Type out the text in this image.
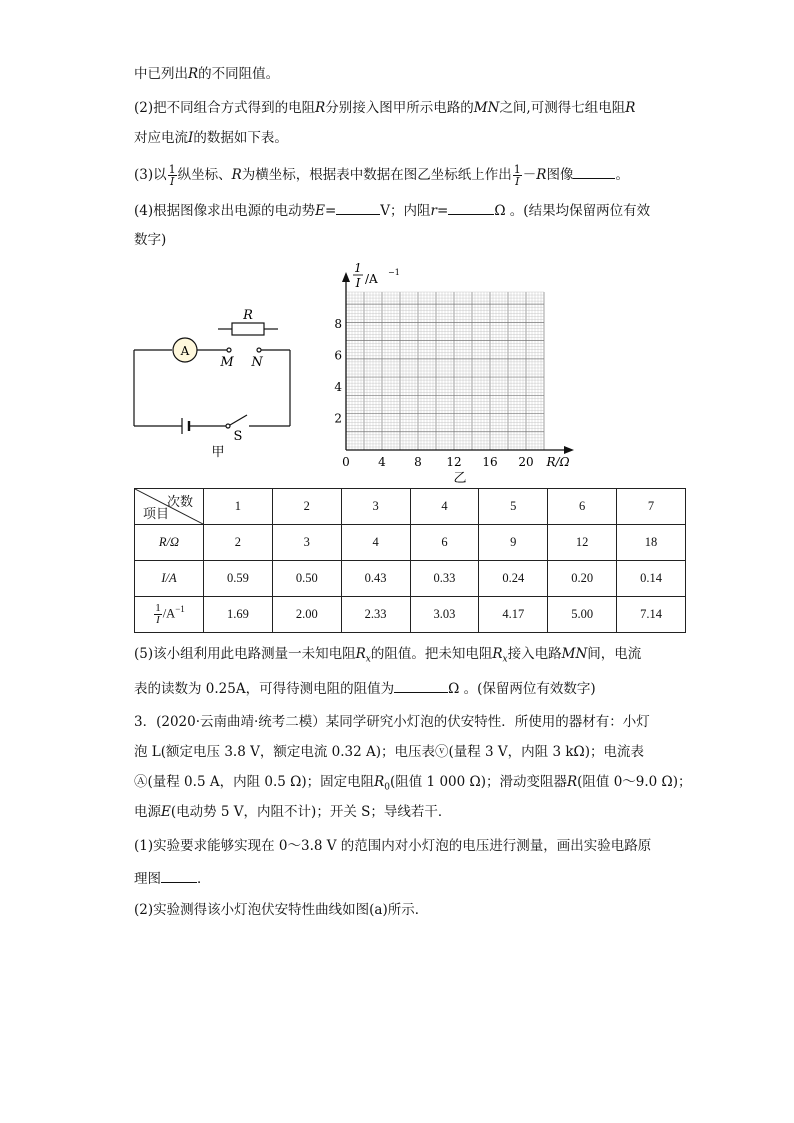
中已列出R的不同阻值。
(2)把不同组合方式得到的电阻R分别接入图甲所示电路的MN之间,可测得七组电阻R
对应电流I的数据如下表。
(3)以 $\frac{1}{I}$ 纵坐标、R为横坐标，根据表中数据在图乙坐标纸上作出 $\frac{1}{I} -R$图像	。
(4)根据图像求出电源的电动势E=	V；内阻r=	Ω 。(结果均保留两位有效
数字)
R
A
M N
S
甲
1
I /A −1
0 4 8 12 16 20
2
4
6
8
R/Ω
乙
次数
项目	1	2	3	4	5	6	7
R/Ω	2	3	4	6	9	12	18
I/A	0.59	0.50	0.43	0.33	0.24	0.20	0.14

$\frac{1}{I} /A^{-1}$	1.69	2.00	2.33	3.03	4.17	5.00	7.14
(5)该小组利用此电路测量一未知电阻$R_x$的阻值。把未知电阻$R_x$接入电路MN间，电流
表的读数为 0.25A，可得待测电阻的阻值为	Ω 。(保留两位有效数字)
3．(2020·云南曲靖·统考二模）某同学研究小灯泡的伏安特性．所使用的器材有：小灯
泡 L(额定电压 3.8 V，额定电流 0.32 A)；电压表ⓥ(量程 3 V，内阻 3 kΩ)；电流表
Ⓐ(量程 0.5 A，内阻 0.5 Ω)；固定电阻$R_0$(阻值 1 000 Ω)；滑动变阻器R(阻值 0～9.0 Ω)；
电源E(电动势 5 V，内阻不计)；开关 S；导线若干．
(1)实验要求能够实现在 0～3.8 V 的范围内对小灯泡的电压进行测量，画出实验电路原
理图	．
(2)实验测得该小灯泡伏安特性曲线如图(a)所示．
